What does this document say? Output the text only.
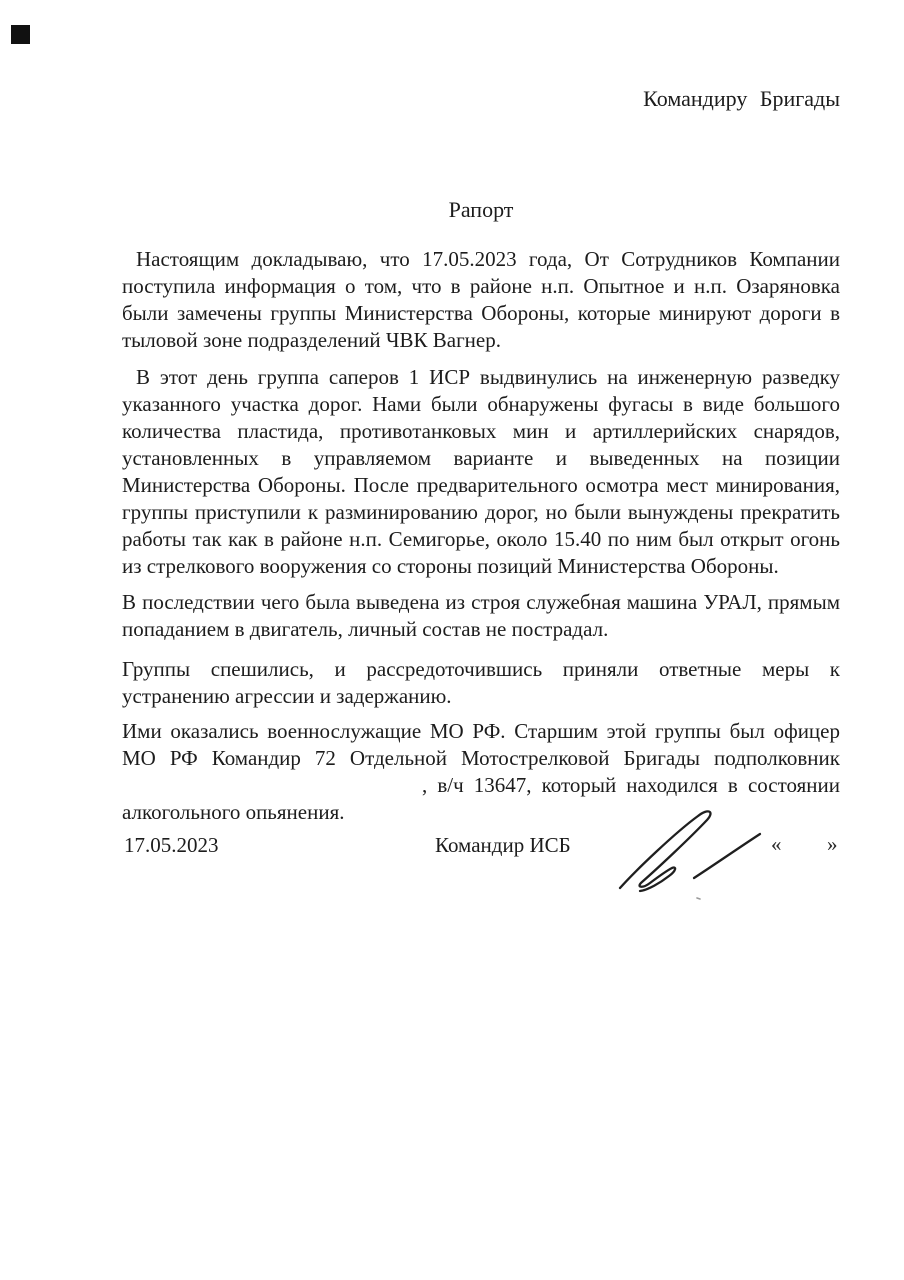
Командиру Бригады
Рапорт
Настоящим докладываю, что 17.05.2023 года, От Сотрудников Компании
поступила информация о том, что в районе н.п. Опытное и н.п. Озаряновка
были замечены группы Министерства Обороны, которые минируют дороги в
тыловой зоне подразделений ЧВК Вагнер.
В этот день группа саперов 1 ИСР выдвинулись на инженерную разведку
указанного участка дорог. Нами были обнаружены фугасы в виде большого
количества пластида, противотанковых мин и артиллерийских снарядов,
установленных в управляемом варианте и выведенных на позиции
Министерства Обороны. После предварительного осмотра мест минирования,
группы приступили к разминированию дорог, но были вынуждены прекратить
работы так как в районе н.п. Семигорье, около 15.40 по ним был открыт огонь
из стрелкового вооружения со стороны позиций Министерства Обороны.
В последствии чего была выведена из строя служебная машина УРАЛ, прямым
попаданием в двигатель, личный состав не пострадал.
Группы спешились, и рассредоточившись приняли ответные меры к
устранению агрессии и задержанию.
Ими оказались военнослужащие МО РФ. Старшим этой группы был офицер
МО РФ Командир 72 Отдельной Мотострелковой Бригады подполковник
, в/ч 13647, который находился в состоянии
алкогольного опьянения.
17.05.2023	Командир ИСБ	« »
